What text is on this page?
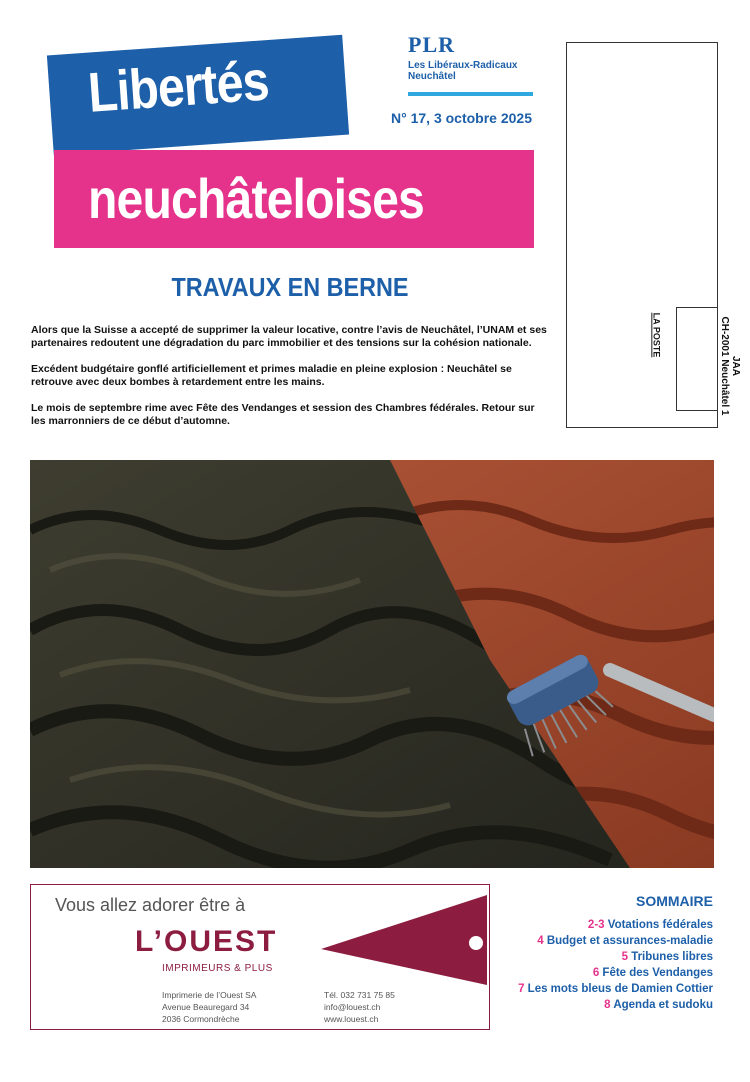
Libertés
neuchâteloises
PLR
Les Libéraux-Radicaux
Neuchâtel
N° 17, 3 octobre 2025
JAA
CH-2001 Neuchâtel 1
LA POSTE
TRAVAUX EN BERNE

Alors que la Suisse a accepté de supprimer la valeur locative, contre l’avis de Neuchâtel, l’UNAM et ses partenaires redoutent une dégradation du parc immobilier et des tensions sur la cohésion nationale.

Excédent budgétaire gonflé artificiellement et primes maladie en pleine explosion : Neuchâtel se retrouve avec deux bombes à retardement entre les mains.

Le mois de septembre rime avec Fête des Vendanges et session des Chambres fédérales. Retour sur les marronniers de ce début d’automne.

Vous allez adorer être à
L’OUEST
IMPRIMEURS & PLUS
Imprimerie de l’Ouest SA
Avenue Beauregard 34
2036 Cormondrèche
Tél. 032 731 75 85
info@louest.ch
www.louest.ch
SOMMAIRE
2-3 Votations fédérales
4 Budget et assurances-maladie
5 Tribunes libres
6 Fête des Vendanges
7 Les mots bleus de Damien Cottier
8 Agenda et sudoku
